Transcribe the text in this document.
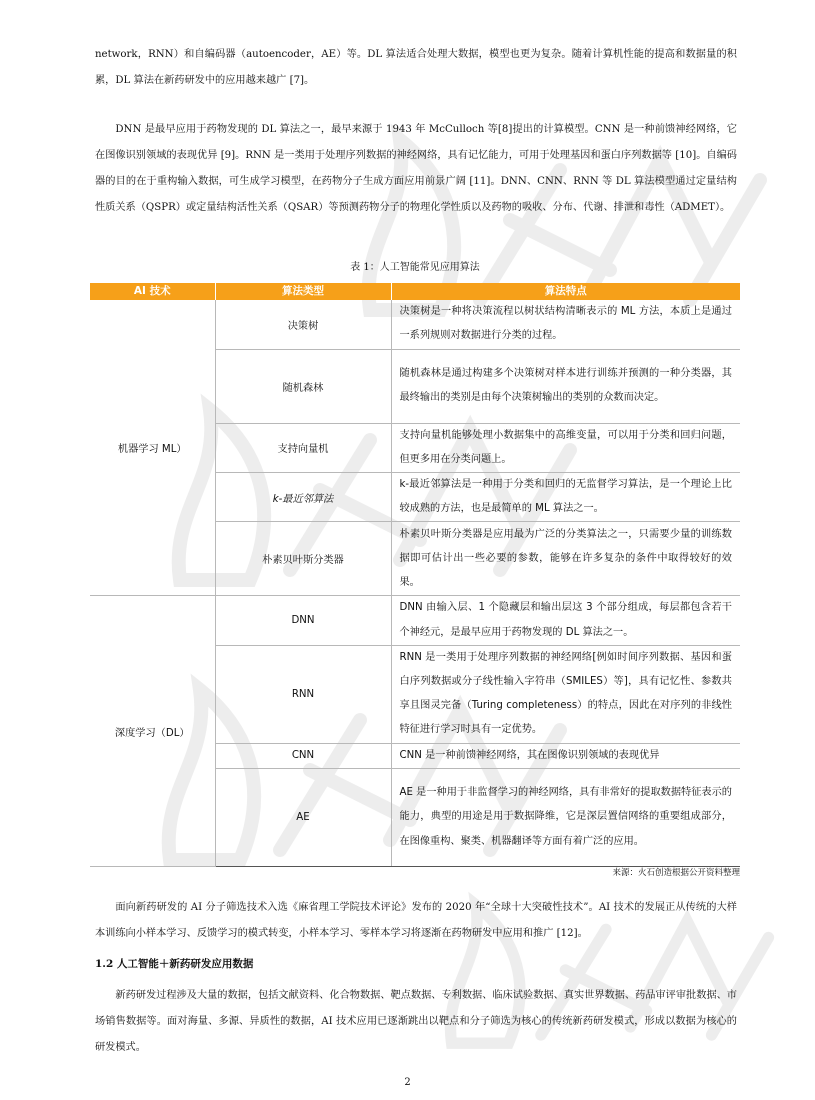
network，RNN）和自编码器（autoencoder，AE）等。DL 算法适合处理大数据，模型也更为复杂。随着计算机性能的提高和数据量的积累，DL 算法在新药研发中的应用越来越广 [7]。

DNN 是最早应用于药物发现的 DL 算法之一，最早来源于 1943 年 McCulloch 等[8]提出的计算模型。CNN 是一种前馈神经网络，它在图像识别领域的表现优异 [9]。RNN 是一类用于处理序列数据的神经网络，具有记忆能力，可用于处理基因和蛋白序列数据等 [10]。自编码器的目的在于重构输入数据，可生成学习模型，在药物分子生成方面应用前景广阔 [11]。DNN、CNN、RNN 等 DL 算法模型通过定量结构性质关系（QSPR）或定量结构活性关系（QSAR）等预测药物分子的物理化学性质以及药物的吸收、分布、代谢、排泄和毒性（ADMET）。

表 1：人工智能常见应用算法
AI 技术	算法类型	算法特点
机器学习 ML）	决策树	决策树是一种将决策流程以树状结构清晰表示的 ML 方法，本质上是通过一系列规则对数据进行分类的过程。
	随机森林	随机森林是通过构建多个决策树对样本进行训练并预测的一种分类器，其最终输出的类别是由每个决策树输出的类别的众数而决定。
	支持向量机	支持向量机能够处理小数据集中的高维变量，可以用于分类和回归问题，但更多用在分类问题上。
	k-最近邻算法	k-最近邻算法是一种用于分类和回归的无监督学习算法，是一个理论上比较成熟的方法，也是最简单的 ML 算法之一。
	朴素贝叶斯分类器	朴素贝叶斯分类器是应用最为广泛的分类算法之一，只需要少量的训练数据即可估计出一些必要的参数，能够在许多复杂的条件中取得较好的效果。
深度学习（DL）	DNN	DNN 由输入层、1 个隐藏层和输出层这 3 个部分组成，每层都包含若干个神经元，是最早应用于药物发现的 DL 算法之一。
	RNN	RNN 是一类用于处理序列数据的神经网络[例如时间序列数据、基因和蛋白序列数据或分子线性输入字符串（SMILES）等]，具有记忆性、参数共享且图灵完备（Turing completeness）的特点，因此在对序列的非线性特征进行学习时具有一定优势。
	CNN	CNN 是一种前馈神经网络，其在图像识别领域的表现优异
	AE	AE 是一种用于非监督学习的神经网络，具有非常好的提取数据特征表示的能力，典型的用途是用于数据降维，它是深层置信网络的重要组成部分，在图像重构、聚类、机器翻译等方面有着广泛的应用。
来源：火石创造根据公开资料整理

面向新药研发的 AI 分子筛选技术入选《麻省理工学院技术评论》发布的 2020 年“全球十大突破性技术”。AI 技术的发展正从传统的大样本训练向小样本学习、反馈学习的模式转变，小样本学习、零样本学习将逐渐在药物研发中应用和推广 [12]。

1.2 人工智能＋新药研发应用数据

新药研发过程涉及大量的数据，包括文献资料、化合物数据、靶点数据、专利数据、临床试验数据、真实世界数据、药品审评审批数据、市场销售数据等。面对海量、多源、异质性的数据，AI 技术应用已逐渐跳出以靶点和分子筛选为核心的传统新药研发模式，形成以数据为核心的研发模式。

2
